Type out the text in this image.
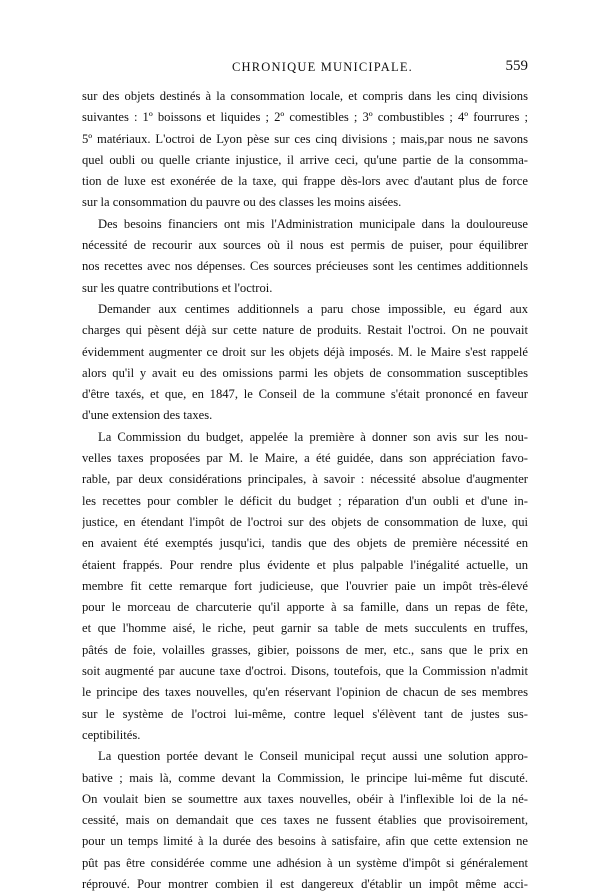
CHRONIQUE MUNICIPALE.	559
sur des objets destinés à la consommation locale, et compris dans les cinq divisions
suivantes : 1º boissons et liquides ; 2º comestibles ; 3º combustibles ; 4º fourrures ;
5º matériaux. L'octroi de Lyon pèse sur ces cinq divisions ; mais,par nous ne savons
quel oubli ou quelle criante injustice, il arrive ceci, qu'une partie de la consomma-
tion de luxe est exonérée de la taxe, qui frappe dès-lors avec d'autant plus de force
sur la consommation du pauvre ou des classes les moins aisées.
Des besoins financiers ont mis l'Administration municipale dans la douloureuse
nécessité de recourir aux sources où il nous est permis de puiser, pour équilibrer
nos recettes avec nos dépenses. Ces sources précieuses sont les centimes additionnels
sur les quatre contributions et l'octroi.
Demander aux centimes additionnels a paru chose impossible, eu égard aux
charges qui pèsent déjà sur cette nature de produits. Restait l'octroi. On ne pouvait
évidemment augmenter ce droit sur les objets déjà imposés. M. le Maire s'est rappelé
alors qu'il y avait eu des omissions parmi les objets de consommation susceptibles
d'être taxés, et que, en 1847, le Conseil de la commune s'était prononcé en faveur
d'une extension des taxes.
La Commission du budget, appelée la première à donner son avis sur les nou-
velles taxes proposées par M. le Maire, a été guidée, dans son appréciation favo-
rable, par deux considérations principales, à savoir : nécessité absolue d'augmenter
les recettes pour combler le déficit du budget ; réparation d'un oubli et d'une in-
justice, en étendant l'impôt de l'octroi sur des objets de consommation de luxe, qui
en avaient été exemptés jusqu'ici, tandis que des objets de première nécessité en
étaient frappés. Pour rendre plus évidente et plus palpable l'inégalité actuelle, un
membre fit cette remarque fort judicieuse, que l'ouvrier paie un impôt très-élevé
pour le morceau de charcuterie qu'il apporte à sa famille, dans un repas de fête,
et que l'homme aisé, le riche, peut garnir sa table de mets succulents en truffes,
pâtés de foie, volailles grasses, gibier, poissons de mer, etc., sans que le prix en
soit augmenté par aucune taxe d'octroi. Disons, toutefois, que la Commission n'admit
le principe des taxes nouvelles, qu'en réservant l'opinion de chacun de ses membres
sur le système de l'octroi lui-même, contre lequel s'élèvent tant de justes sus-
ceptibilités.
La question portée devant le Conseil municipal reçut aussi une solution appro-
bative ; mais là, comme devant la Commission, le principe lui-même fut discuté.
On voulait bien se soumettre aux taxes nouvelles, obéir à l'inflexible loi de la né-
cessité, mais on demandait que ces taxes ne fussent établies que provisoirement,
pour un temps limité à la durée des besoins à satisfaire, afin que cette extension ne
pût pas être considérée comme une adhésion à un système d'impôt si généralement
réprouvé. Pour montrer combien il est dangereux d'établir un impôt même acci-
